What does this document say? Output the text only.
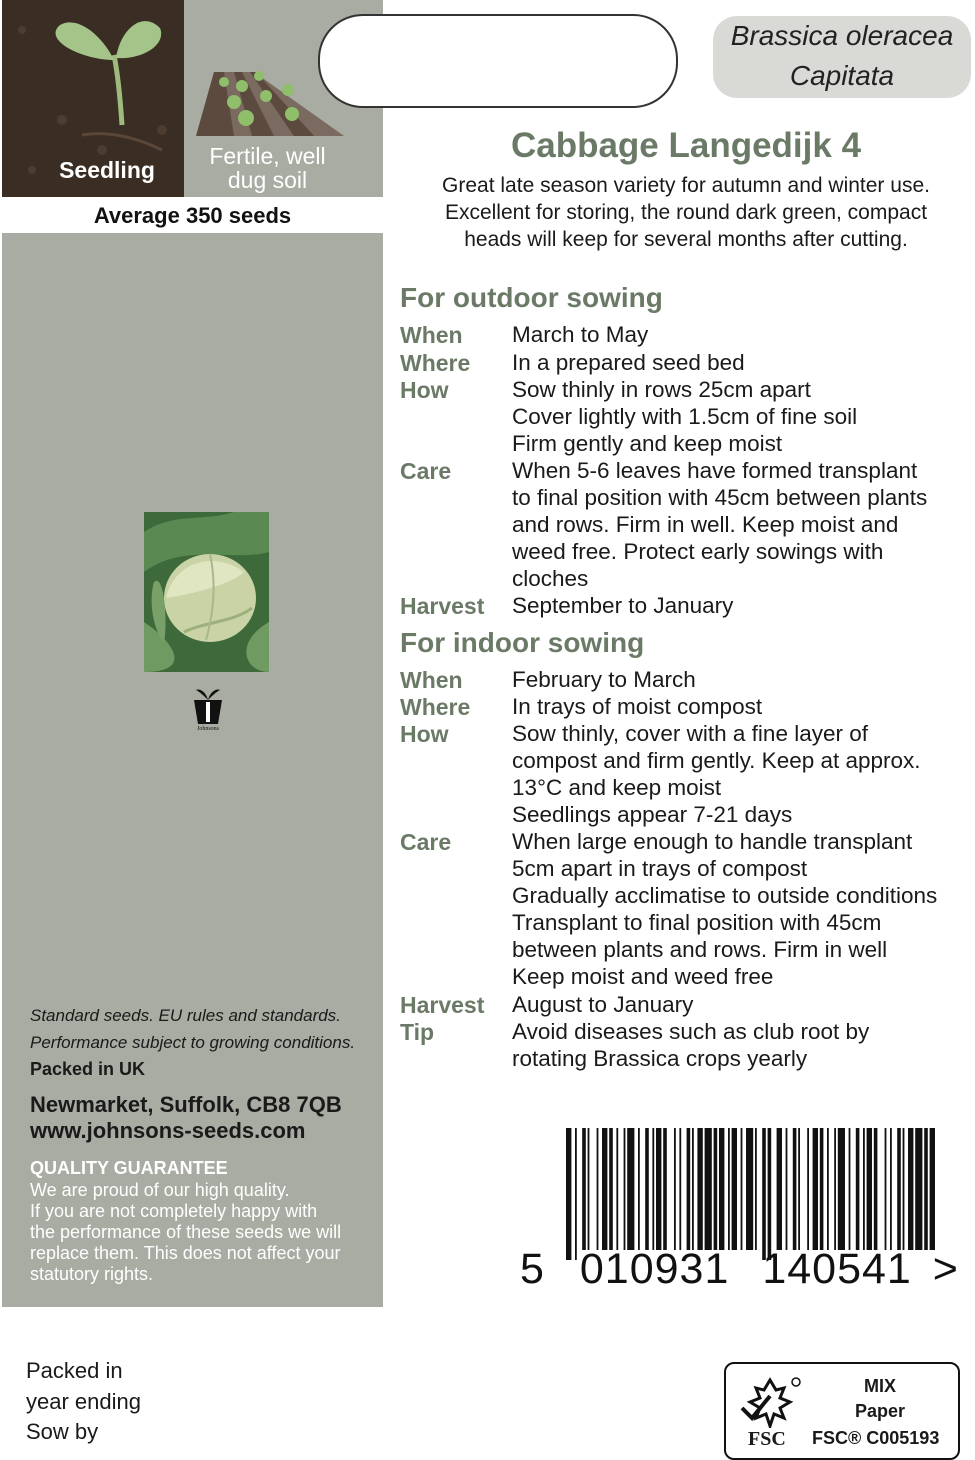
Seedling
Fertile, well
dug soil
Average 350 seeds
Johnsons
Standard seeds. EU rules and standards.
Performance subject to growing conditions.
Packed in UK
Newmarket, Suffolk, CB8 7QB
www.johnsons-seeds.com
QUALITY GUARANTEE
We are proud of our high quality.
If you are not completely happy with
the performance of these seeds we will
replace them. This does not affect your
statutory rights.
Brassica oleracea
Capitata
Cabbage Langedijk 4
Great late season variety for autumn and winter use.
Excellent for storing, the round dark green, compact
heads will keep for several months after cutting.
For outdoor sowing
When March to May
Where In a prepared seed bed
How	Sow thinly in rows 25cm apart
Cover lightly with 1.5cm of fine soil
Firm gently and keep moist
Care	When 5-6 leaves have formed transplant
to final position with 45cm between plants
and rows. Firm in well. Keep moist and
weed free. Protect early sowings with
cloches
Harvest September to January
For indoor sowing
When February to March
Where In trays of moist compost
How	Sow thinly, cover with a fine layer of
compost and firm gently. Keep at approx.
13°C and keep moist
Seedlings appear 7-21 days
Care	When large enough to handle transplant
5cm apart in trays of compost
Gradually acclimatise to outside conditions
Transplant to final position with 45cm
between plants and rows. Firm in well
Keep moist and weed free
Harvest August to January
Tip	Avoid diseases such as club root by
rotating Brassica crops yearly
5 010931 140541 >
Packed in
year ending
Sow by
MIX
Paper
FSC FSC® C005193
